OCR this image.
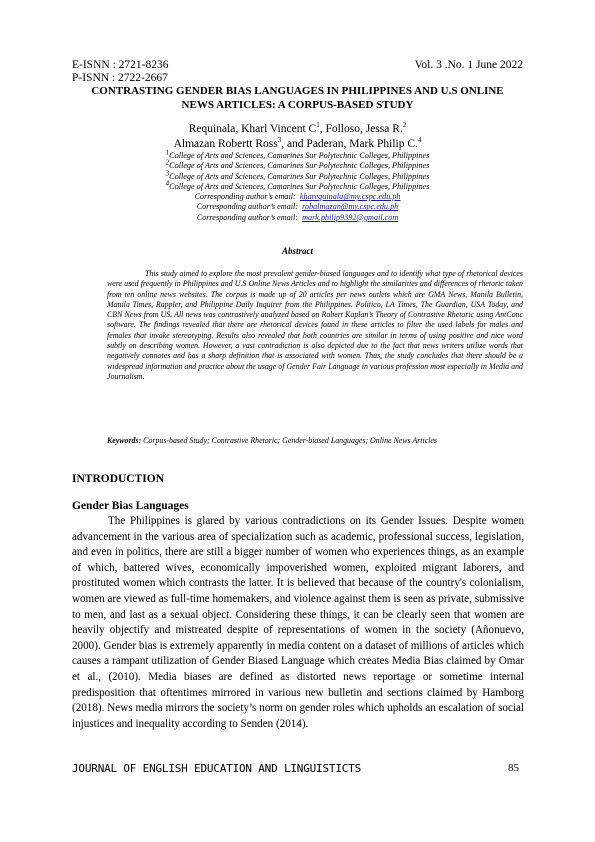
E-ISNN : 2721-8236
P-ISNN : 2722-2667
Vol. 3 .No. 1 June 2022
CONTRASTING GENDER BIAS LANGUAGES IN PHILIPPINES AND U.S ONLINE
NEWS ARTICLES: A CORPUS-BASED STUDY
Requinala, Kharl Vincent $C^1$, Folloso, Jessa R.$^2$
Almazan Robertt Ross$^3$, and Paderan, Mark Philip C.$^4$
$^1$College of Arts and Sciences, Camarines Sur Polytechnic Colleges, Philippines
$^2$College of Arts and Sciences, Camarines Sur Polytechnic Colleges, Philippines
$^3$College of Arts and Sciences, Camarines Sur Polytechnic Colleges, Philippines
$^4$College of Arts and Sciences, Camarines Sur Polytechnic Colleges, Philippines
Corresponding author’s email: kharequinala@my.cspc.edu.ph
Corresponding author’s email: robalmazan@my.cspc.edu.ph
Corresponding author’s email: mark.philip9392@gmail.com
Abstract

This study aimed to explore the most prevalent gender-biased languages and to identify what type of rhetorical devices were used frequently in Philippines and U.S Online News Articles and to highlight the similarities and differences of rhetoric taken from ten online news websites. The corpus is made up of 20 articles per news outlets which are GMA News, Manila Bulletin, Manila Times, Rappler, and Philippine Daily Inquirer from the Philippines. Politico, LA Times, The Guardian, USA Today, and CBN News from US. All news was contrastively analyzed based on Robert Kaplan’s Theory of Contrastive Rhetoric using AntConc software. The findings revealed that there are rhetorical devices found in these articles to filter the used labels for males and females that invoke stereotyping. Results also revealed that both countries are similar in terms of using positive and nice word subtly on describing women. However, a vast contradiction is also depicted due to the fact that news writers utilize words that negatively connotes and has a sharp definition that is associated with women. Thus, the study concludes that there should be a widespread information and practice about the usage of Gender Fair Language in various profession most especially in Media and Journalism.

Keywords: Corpus-based Study; Contrastive Rhetoric; Gender-biased Languages; Online News Articles
INTRODUCTION
Gender Bias Languages

The Philippines is glared by various contradictions on its Gender Issues. Despite women advancement in the various area of specialization such as academic, professional success, legislation, and even in politics, there are still a bigger number of women who experiences things, as an example of which, battered wives, economically impoverished women, exploited migrant laborers, and prostituted women which contrasts the latter. It is believed that because of the country's colonialism, women are viewed as full-time homemakers, and violence against them is seen as private, submissive to men, and last as a sexual object. Considering these things, it can be clearly seen that women are heavily objectify and mistreated despite of representations of women in the society (Añonuevo, 2000). Gender bias is extremely apparently in media content on a dataset of millions of articles which causes a rampant utilization of Gender Biased Language which creates Media Bias claimed by Omar et al., (2010). Media biases are defined as distorted news reportage or sometime internal predisposition that oftentimes mirrored in various new bulletin and sections claimed by Hamborg (2018). News media mirrors the society’s norm on gender roles which upholds an escalation of social injustices and inequality according to Senden (2014).

JOURNAL OF ENGLISH EDUCATION AND LINGUISTICTS	85
